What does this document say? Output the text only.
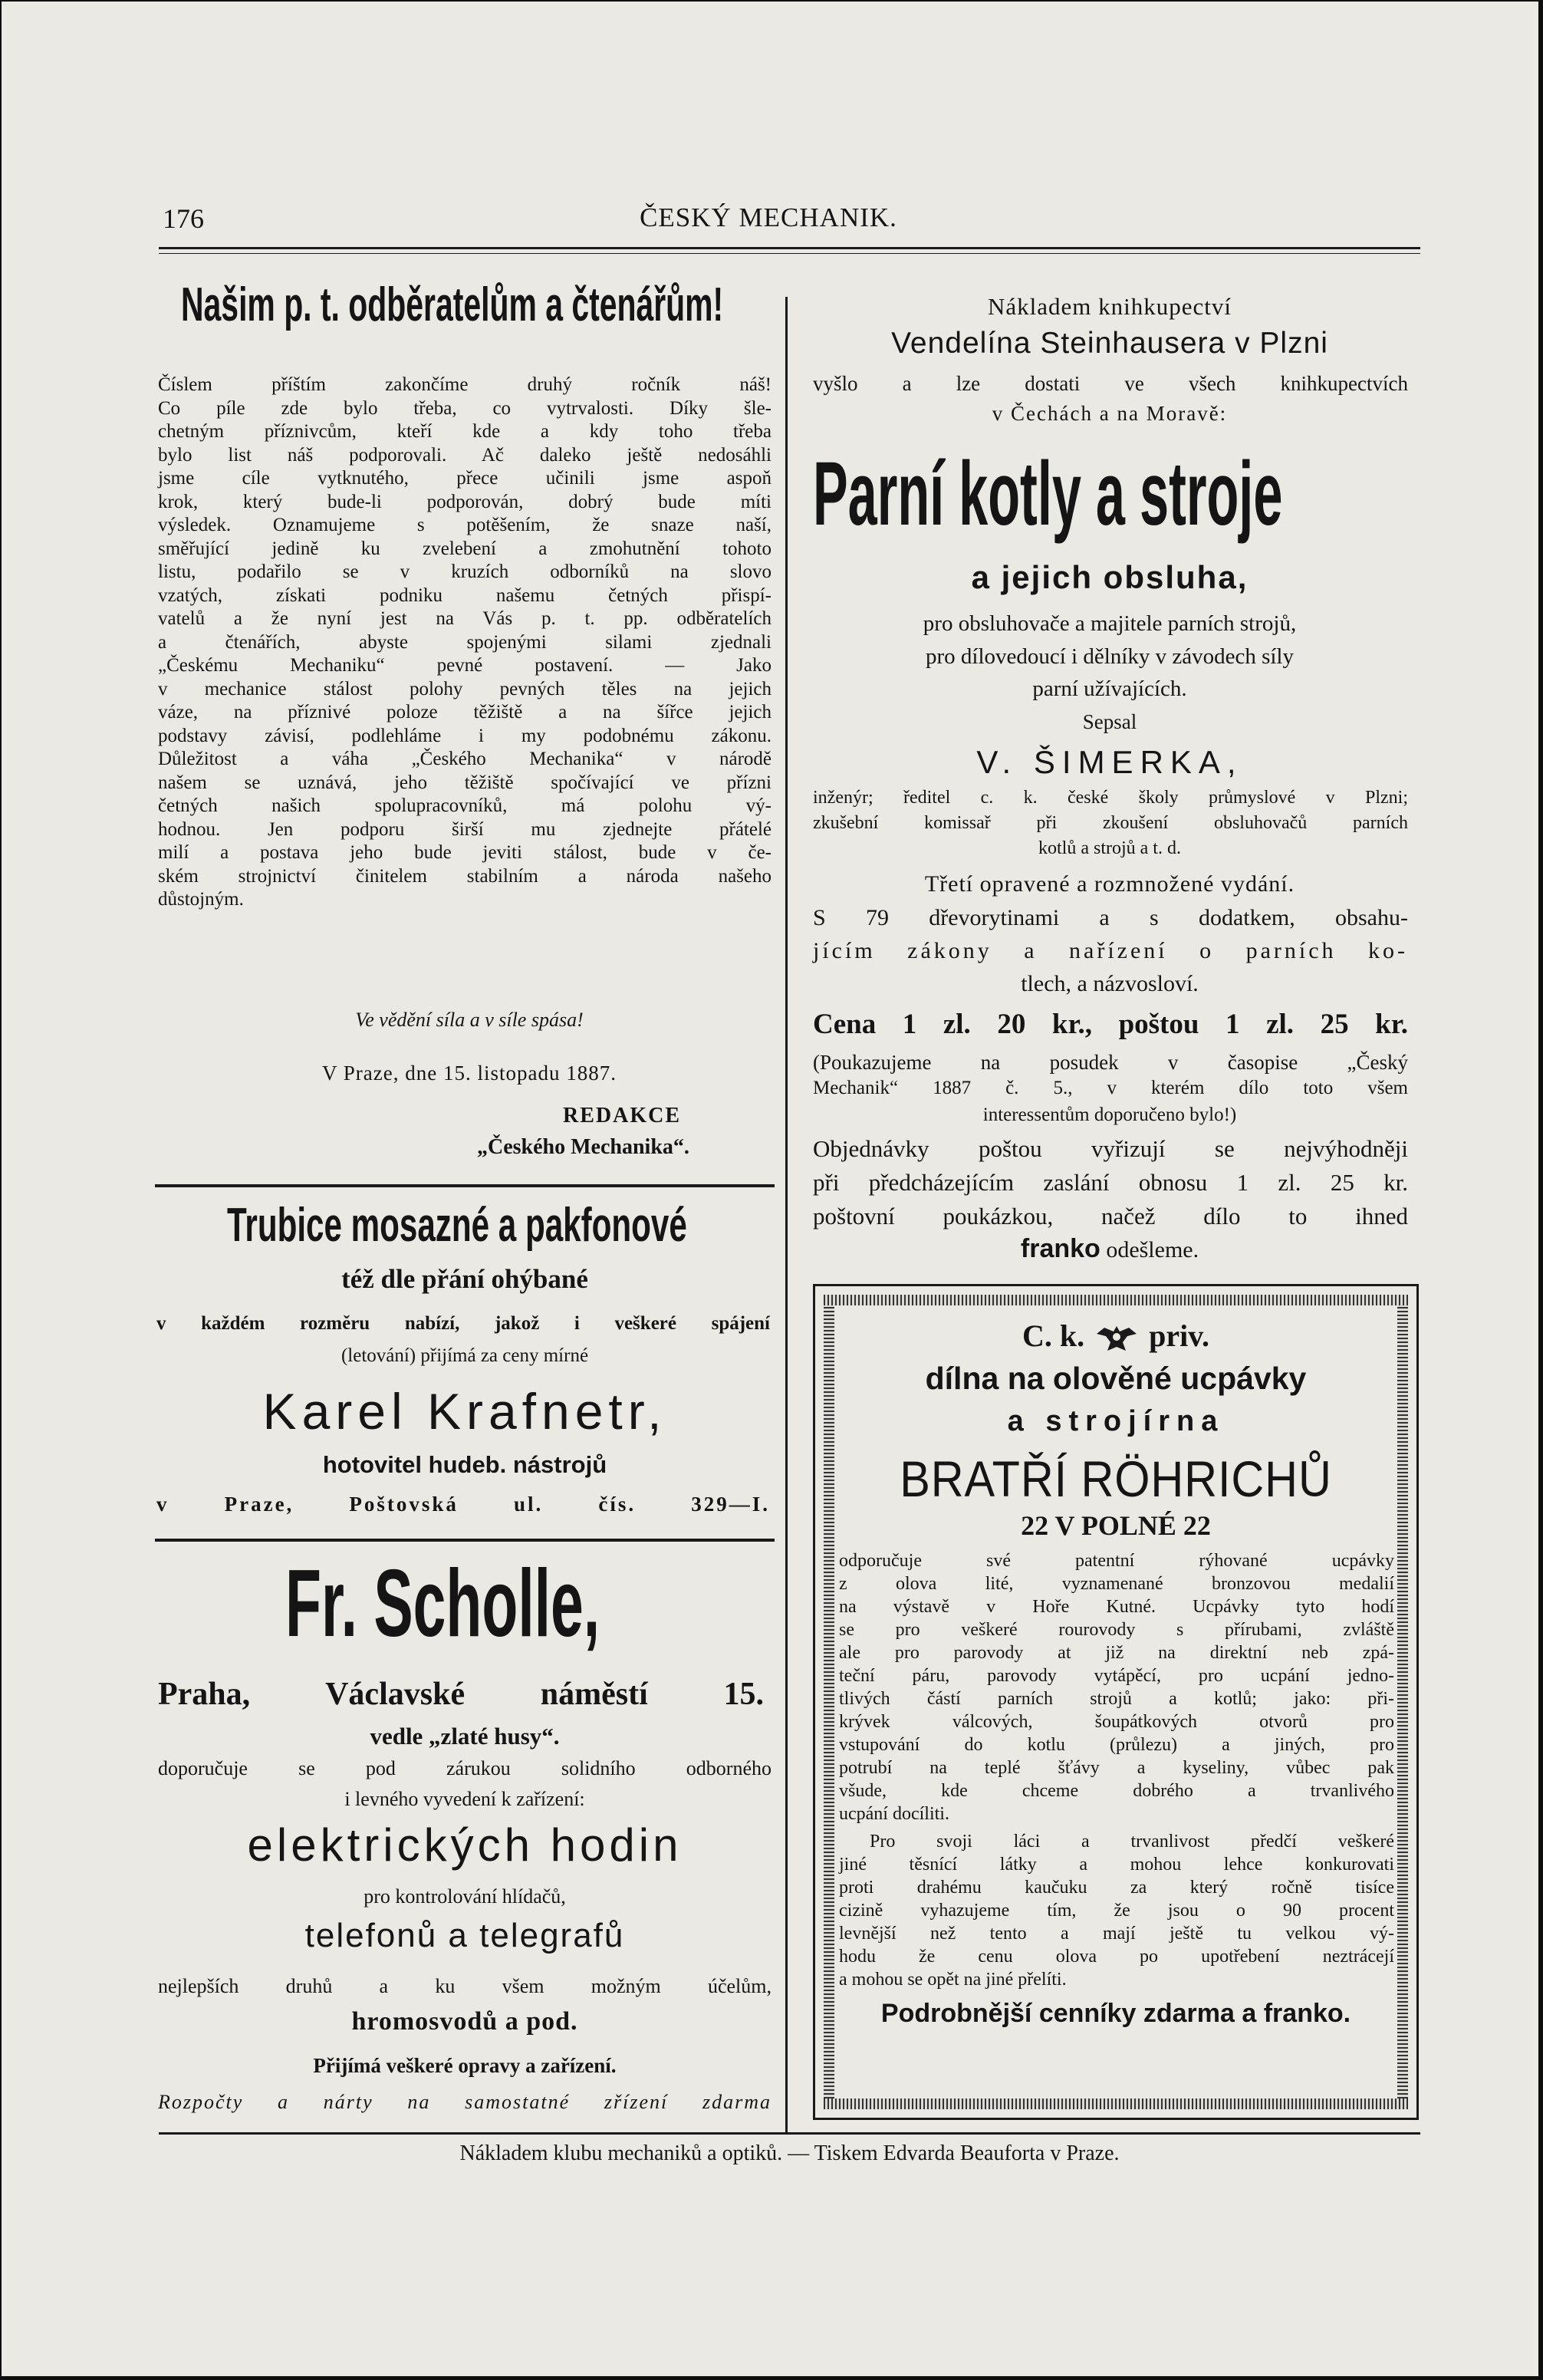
176	ČESKÝ MECHANIK.
Našim p. t. odběratelům a čtenářům!
Číslem příštím zakončíme druhý ročník náš!
Co píle zde bylo třeba, co vytrvalosti. Díky šle-
chetným příznivcům, kteří kde a kdy toho třeba
bylo list náš podporovali. Ač daleko ještě nedosáhli
jsme cíle vytknutého, přece učinili jsme aspoň
krok, který bude-li podporován, dobrý bude míti
výsledek. Oznamujeme s potěšením, že snaze naší,
směřující jedině ku zvelebení a zmohutnění tohoto
listu, podařilo se v kruzích odborníků na slovo
vzatých, získati podniku našemu četných přispí-
vatelů a že nyní jest na Vás p. t. pp. odběratelích
a čtenářích, abyste spojenými silami zjednali
„Českému Mechaniku“ pevné postavení. — Jako
v mechanice stálost polohy pevných těles na jejich
váze, na příznivé poloze těžiště a na šířce jejich
podstavy závisí, podlehláme i my podobnému zákonu.
Důležitost a váha „Českého Mechanika“ v národě
našem se uznává, jeho těžiště spočívající ve přízni
četných našich spolupracovníků, má polohu vý-
hodnou. Jen podporu širší mu zjednejte přátelé
milí a postava jeho bude jeviti stálost, bude v če-
ském strojnictví činitelem stabilním a národa našeho
důstojným.
Ve vědění síla a v síle spása!
V Praze, dne 15. listopadu 1887.
REDAKCE
„Českého Mechanika“.
Trubice mosazné a pakfonové
též dle přání ohýbané
v každém rozměru nabízí, jakož i veškeré spájení
(letování) přijímá za ceny mírné
Karel Krafnetr,
hotovitel hudeb. nástrojů
v Praze, Poštovská ul. čís. 329—I.
Fr. Scholle,
Praha, Václavské náměstí 15.
vedle „zlaté husy“.
doporučuje se pod zárukou solidního odborného
i levného vyvedení k zařízení:
elektrických hodin
pro kontrolování hlídačů,
telefonů a telegrafů
nejlepších druhů a ku všem možným účelům,
hromosvodů a pod.
Přijímá veškeré opravy a zařízení.
Rozpočty a nárty na samostatné zřízení zdarma
Nákladem knihkupectví
Vendelína Steinhausera v Plzni
vyšlo a lze dostati ve všech knihkupectvích
v Čechách a na Moravě:
Parní kotly a stroje
a jejich obsluha,
pro obsluhovače a majitele parních strojů,
pro dílovedoucí i dělníky v závodech síly
parní užívajících.
Sepsal
V. ŠIMERKA,
inženýr; ředitel c. k. české školy průmyslové v Plzni;
zkušební komissař při zkoušení obsluhovačů parních
kotlů a strojů a t. d.
Třetí opravené a rozmnožené vydání.
S 79 dřevorytinami a s dodatkem, obsahu-
jícím zákony a nařízení o parních ko-
tlech, a názvosloví.
Cena 1 zl. 20 kr., poštou 1 zl. 25 kr.
(Poukazujeme na posudek v časopise „Český
Mechanik“ 1887 č. 5., v kterém dílo toto všem
interessentům doporučeno bylo!)
Objednávky poštou vyřizují se nejvýhodněji
při předcházejícím zaslání obnosu 1 zl. 25 kr.
poštovní poukázkou, načež dílo to ihned
franko odešleme.
C. k. priv.
dílna na olověné ucpávky
a strojírna
BRATŘÍ RÖHRICHŮ
22 V POLNÉ 22
odporučuje své patentní rýhované ucpávky
z olova lité, vyznamenané bronzovou medalií
na výstavě v Hoře Kutné. Ucpávky tyto hodí
se pro veškeré rourovody s přírubami, zvláště
ale pro parovody at již na direktní neb zpá-
teční páru, parovody vytápěcí, pro ucpání jedno-
tlivých částí parních strojů a kotlů; jako: při-
krývek válcových, šoupátkových otvorů pro
vstupování do kotlu (průlezu) a jiných, pro
potrubí na teplé šťávy a kyseliny, vůbec pak
všude, kde chceme dobrého a trvanlivého
ucpání docíliti.
Pro svoji láci a trvanlivost předčí veškeré
jiné těsnící látky a mohou lehce konkurovati
proti drahému kaučuku za který ročně tisíce
cizině vyhazujeme tím, že jsou o 90 procent
levnější než tento a mají ještě tu velkou vý-
hodu že cenu olova po upotřebení neztrácejí
a mohou se opět na jiné přelíti.
Podrobnější cenníky zdarma a franko.
Nákladem klubu mechaniků a optiků. — Tiskem Edvarda Beauforta v Praze.
